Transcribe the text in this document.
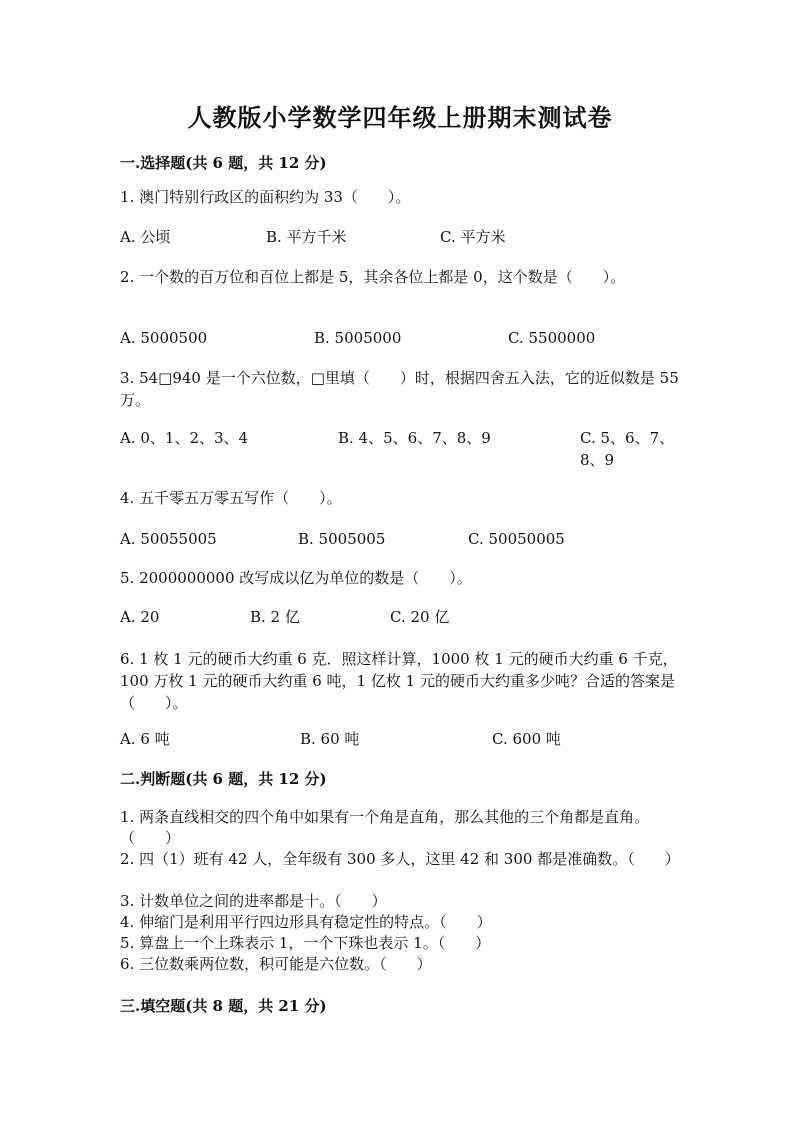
人教版小学数学四年级上册期末测试卷
一.选择题(共 6 题，共 12 分)
1. 澳门特别行政区的面积约为 33（　　）。
A. 公顷	B. 平方千米	C. 平方米
2. 一个数的百万位和百位上都是 5，其余各位上都是 0，这个数是（　　）。
A. 5000500	B. 5005000	C. 5500000
3. 54□940 是一个六位数，□里填（　　）时，根据四舍五入法，它的近似数是 55 万。
A. 0、1、2、3、4	B. 4、5、6、7、8、9	C. 5、6、7、8、9
4. 五千零五万零五写作（　　）。
A. 50055005	B. 5005005	C. 50050005
5. 2000000000 改写成以亿为单位的数是（　　）。
A. 20	B. 2 亿	C. 20 亿
6. 1 枚 1 元的硬币大约重 6 克．照这样计算，1000 枚 1 元的硬币大约重 6 千克，100 万枚 1 元的硬币大约重 6 吨，1 亿枚 1 元的硬币大约重多少吨？合适的答案是（　　）。
A. 6 吨	B. 60 吨	C. 600 吨
二.判断题(共 6 题，共 12 分)
1. 两条直线相交的四个角中如果有一个角是直角，那么其他的三个角都是直角。（　　）
2. 四（1）班有 42 人，全年级有 300 多人，这里 42 和 300 都是准确数。（　　）
3. 计数单位之间的进率都是十。（　　）
4. 伸缩门是利用平行四边形具有稳定性的特点。（　　）
5. 算盘上一个上珠表示 1，一个下珠也表示 1。（　　）
6. 三位数乘两位数，积可能是六位数。（　　）
三.填空题(共 8 题，共 21 分)
